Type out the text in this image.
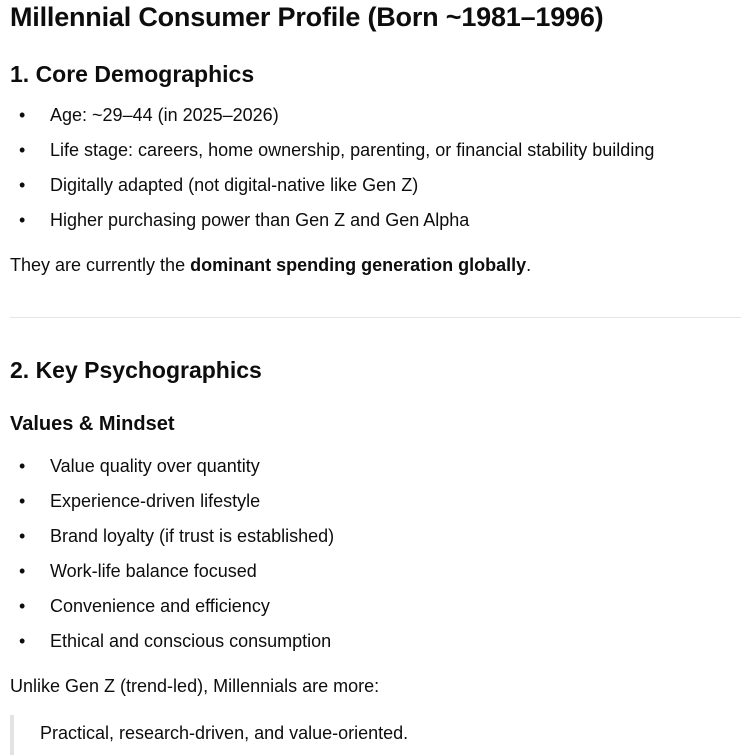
Millennial Consumer Profile (Born ~1981–1996)
1. Core Demographics
• Age: ~29–44 (in 2025–2026)
• Life stage: careers, home ownership, parenting, or financial stability building
• Digitally adapted (not digital-native like Gen Z)
• Higher purchasing power than Gen Z and Gen Alpha

They are currently the dominant spending generation globally.

2. Key Psychographics
Values & Mindset
• Value quality over quantity
• Experience-driven lifestyle
• Brand loyalty (if trust is established)
• Work-life balance focused
• Convenience and efficiency
• Ethical and conscious consumption

Unlike Gen Z (trend-led), Millennials are more:

Practical, research-driven, and value-oriented.
